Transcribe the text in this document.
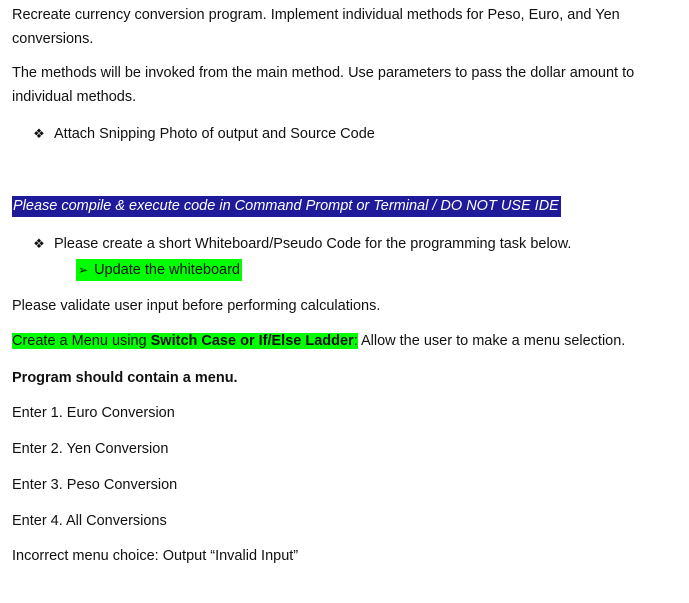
Recreate currency conversion program. Implement individual methods for Peso, Euro, and Yen conversions.

The methods will be invoked from the main method. Use parameters to pass the dollar amount to individual methods.

❖ Attach Snipping Photo of output and Source Code
Please compile & execute code in Command Prompt or Terminal / DO NOT USE IDE
❖ Please create a short Whiteboard/Pseudo Code for the programming task below.
➢ Update the whiteboard
Please validate user input before performing calculations.
Create a Menu using Switch Case or If/Else Ladder: Allow the user to make a menu selection.
Program should contain a menu.
Enter 1. Euro Conversion
Enter 2. Yen Conversion
Enter 3. Peso Conversion
Enter 4. All Conversions
Incorrect menu choice: Output “Invalid Input”
